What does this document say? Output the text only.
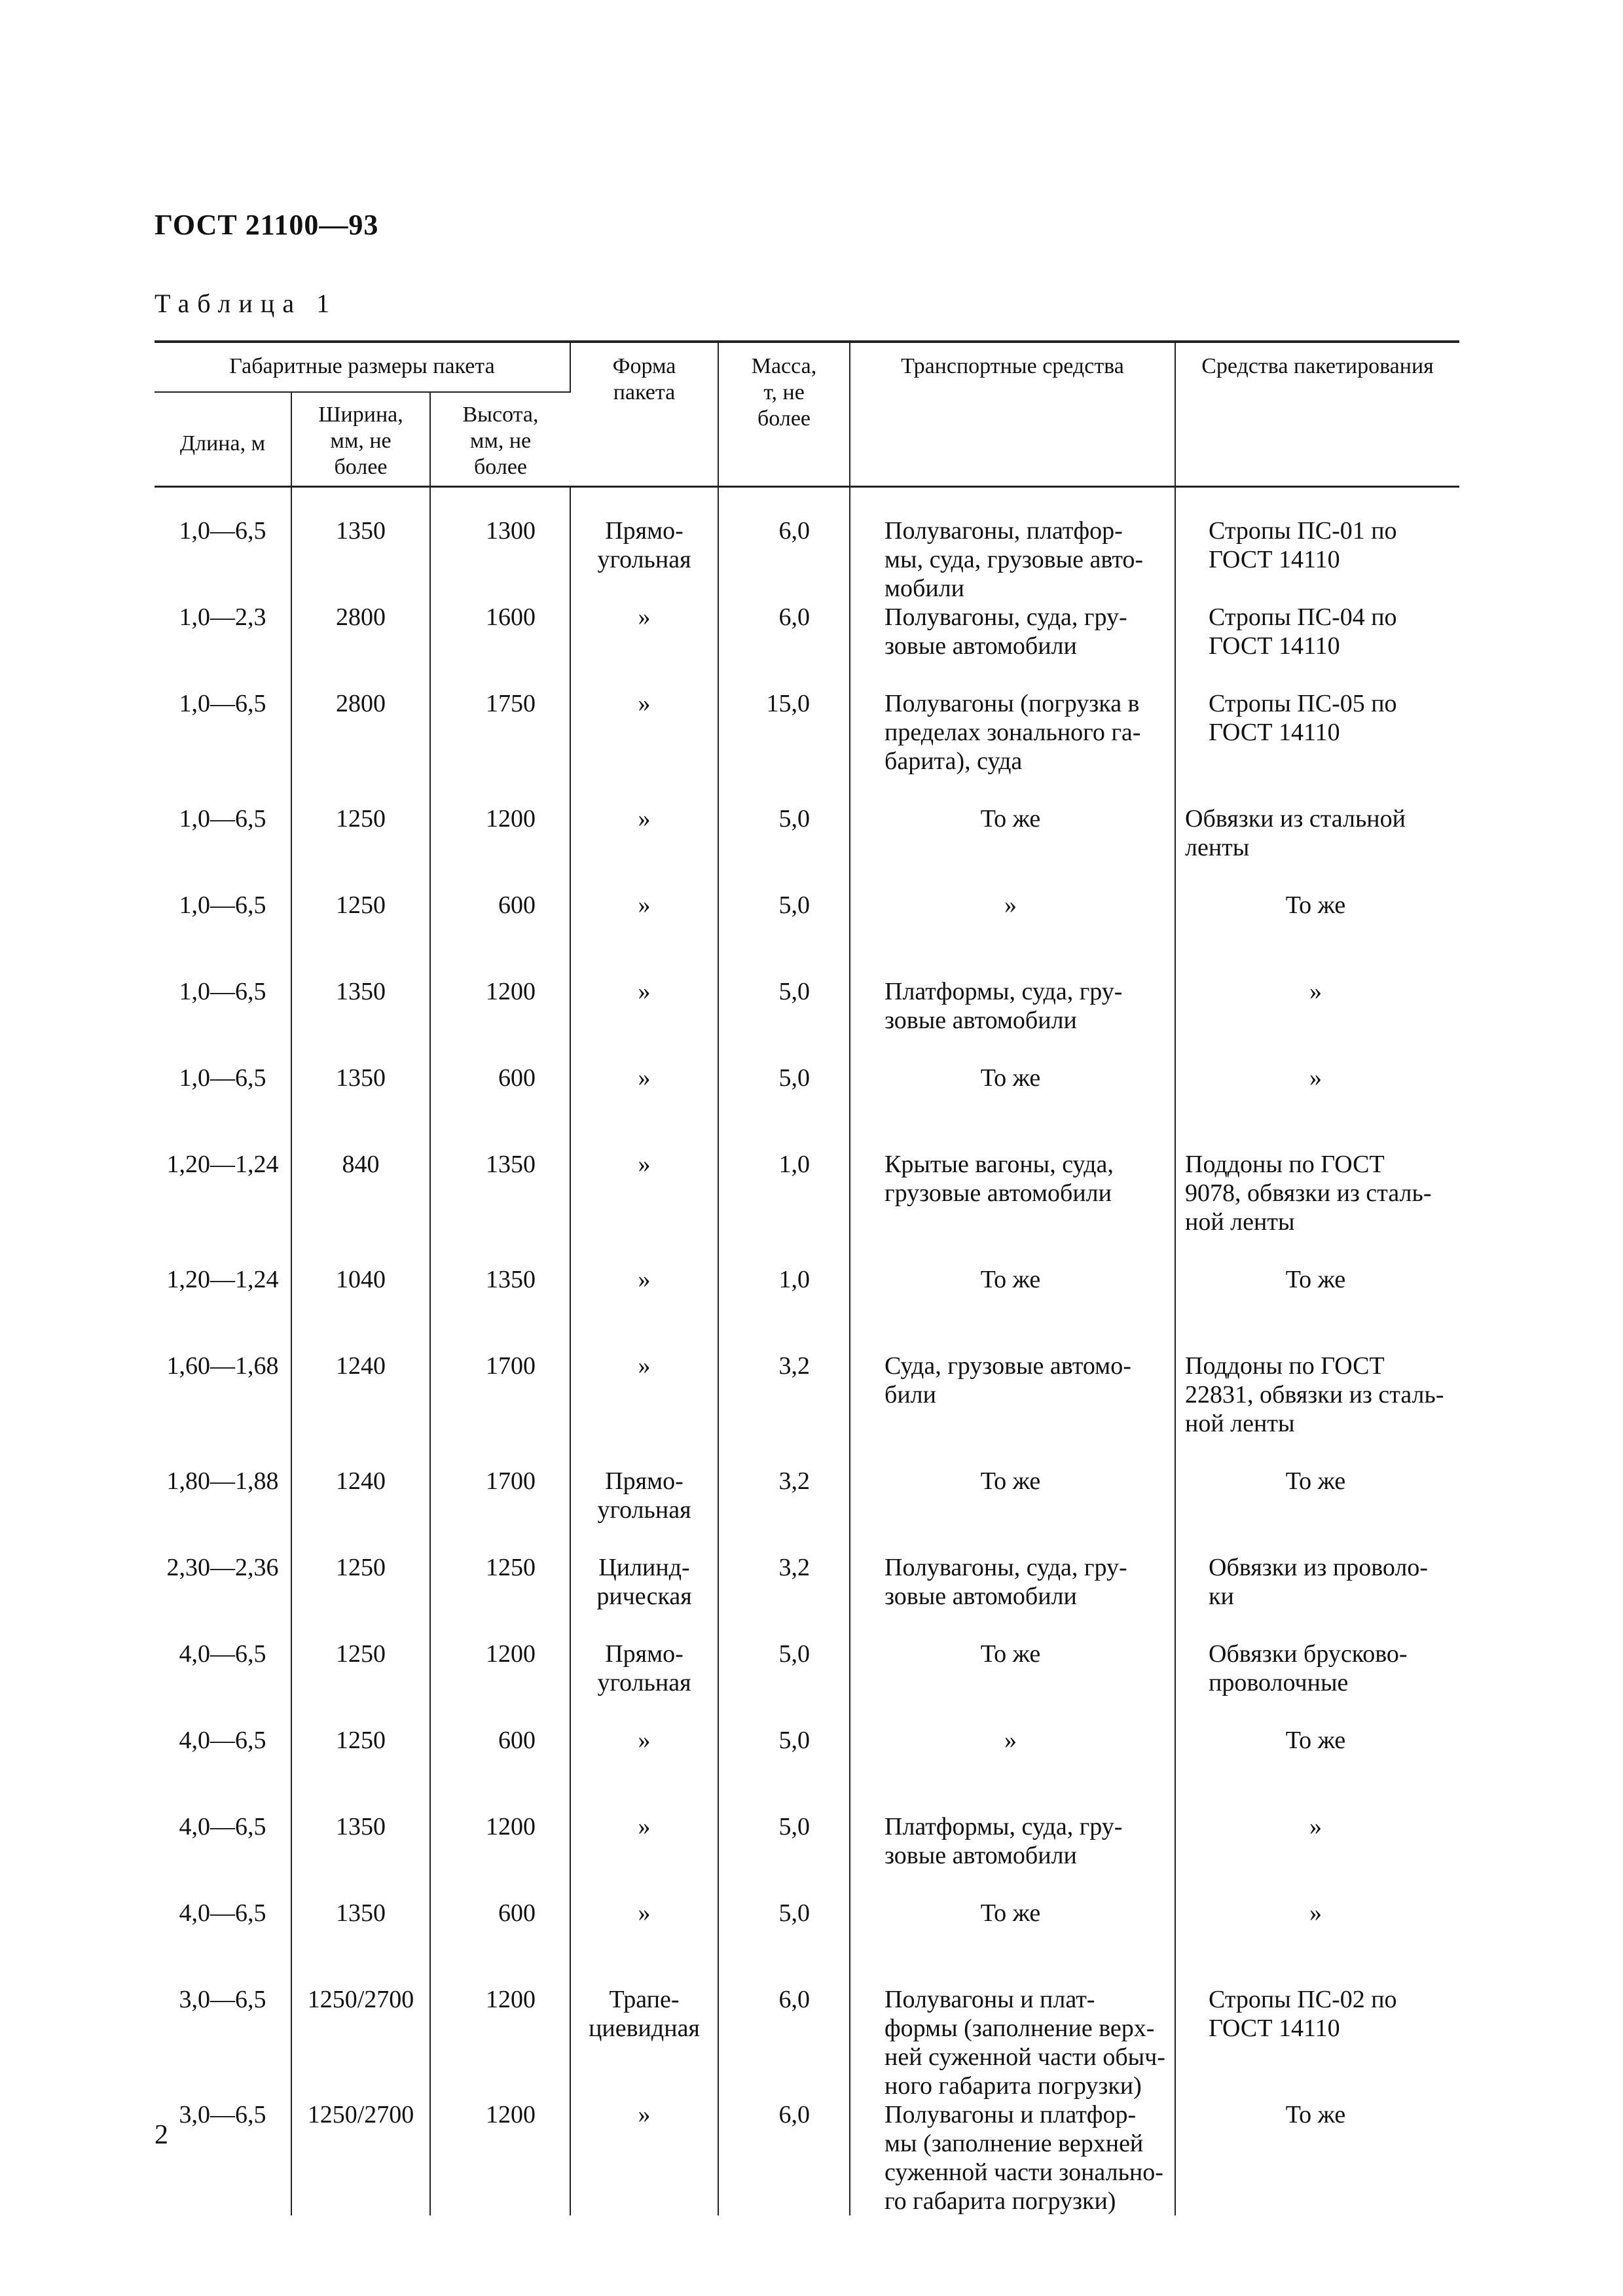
ГОСТ 21100—93
Таблица 1
Габаритные размеры пакета			Форма
пакета	Масса,
т, не
более	Транспортные средства	Средства пакетирования
Длина, м	Ширина,
мм, не
более	Высота,
мм, не
более				

1,0—6,5	1350	1300	Прямо-
угольная	6,0	Полувагоны, платфор-
мы, суда, грузовые авто-
мобили	Стропы ПС-01 по
ГОСТ 14110

1,0—2,3	2800	1600	»	6,0	Полувагоны, суда, гру-
зовые автомобили	Стропы ПС-04 по
ГОСТ 14110

1,0—6,5	2800	1750	»	15,0	Полувагоны (погрузка в
пределах зонального га-
барита), суда	Стропы ПС-05 по
ГОСТ 14110

1,0—6,5	1250	1200	»	5,0	То же	Обвязки из стальной
ленты

1,0—6,5	1250	600	»	5,0	»	То же

1,0—6,5	1350	1200	»	5,0	Платформы, суда, гру-
зовые автомобили	»

1,0—6,5	1350	600	»	5,0	То же	»

1,20—1,24	840	1350	»	1,0	Крытые вагоны, суда,
грузовые автомобили	Поддоны по ГОСТ
9078, обвязки из сталь-
ной ленты

1,20—1,24	1040	1350	»	1,0	То же	То же

1,60—1,68	1240	1700	»	3,2	Суда, грузовые автомо-
били	Поддоны по ГОСТ
22831, обвязки из сталь-
ной ленты

1,80—1,88	1240	1700	Прямо-
угольная	3,2	То же	То же

2,30—2,36	1250	1250	Цилинд-
рическая	3,2	Полувагоны, суда, гру-
зовые автомобили	Обвязки из проволо-
ки

4,0—6,5	1250	1200	Прямо-
угольная	5,0	То же	Обвязки брусково-
проволочные

4,0—6,5	1250	600	»	5,0	»	То же

4,0—6,5	1350	1200	»	5,0	Платформы, суда, гру-
зовые автомобили	»

4,0—6,5	1350	600	»	5,0	То же	»

3,0—6,5	1250/2700	1200	Трапе-
циевидная	6,0	Полувагоны и плат-
формы (заполнение верх-
ней суженной части обыч-
ного габарита погрузки)	Стропы ПС-02 по
ГОСТ 14110

3,0—6,5	1250/2700	1200	»	6,0	Полувагоны и платфор-
мы (заполнение верхней
суженной части зонально-
го габарита погрузки)	То же
2
